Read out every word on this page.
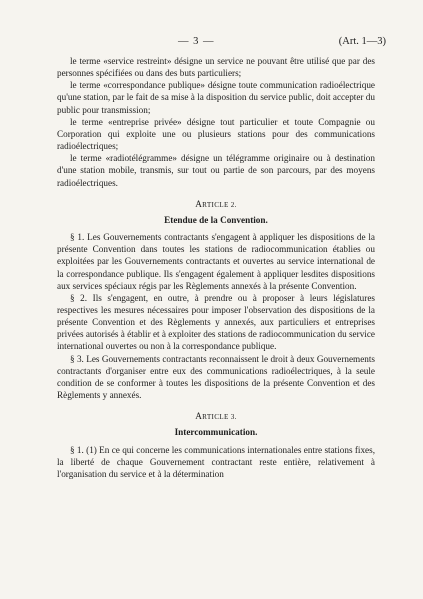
— 3 —	(Art. 1—3)

le terme «service restreint» désigne un service ne pouvant être utilisé que par des personnes spécifiées ou dans des buts particuliers;

le terme «correspondance publique» désigne toute communication radioélectrique qu'une station, par le fait de sa mise à la disposition du service public, doit accepter du public pour transmission;

le terme «entreprise privée» désigne tout particulier et toute Compagnie ou Corporation qui exploite une ou plusieurs stations pour des communications radioélectriques;

le terme «radiotélégramme» désigne un télégramme originaire ou à destination d'une station mobile, transmis, sur tout ou partie de son parcours, par des moyens radioélectriques.

ARTICLE 2.
Etendue de la Convention.

§ 1. Les Gouvernements contractants s'engagent à appliquer les dispositions de la présente Convention dans toutes les stations de radiocommunication établies ou exploitées par les Gouvernements contractants et ouvertes au service international de la correspondance publique. Ils s'engagent également à appliquer lesdites dispositions aux services spéciaux régis par les Règlements annexés à la présente Convention.

§ 2. Ils s'engagent, en outre, à prendre ou à proposer à leurs législatures respectives les mesures nécessaires pour imposer l'observation des dispositions de la présente Convention et des Règlements y annexés, aux particuliers et entreprises privées autorisés à établir et à exploiter des stations de radiocommunication du service international ouvertes ou non à la correspondance publique.

§ 3. Les Gouvernements contractants reconnaissent le droit à deux Gouvernements contractants d'organiser entre eux des communications radioélectriques, à la seule condition de se conformer à toutes les dispositions de la présente Convention et des Règlements y annexés.

ARTICLE 3.
Intercommunication.

§ 1. (1) En ce qui concerne les communications internationales entre stations fixes, la liberté de chaque Gouvernement contractant reste entière, relativement à l'organisation du service et à la détermination
